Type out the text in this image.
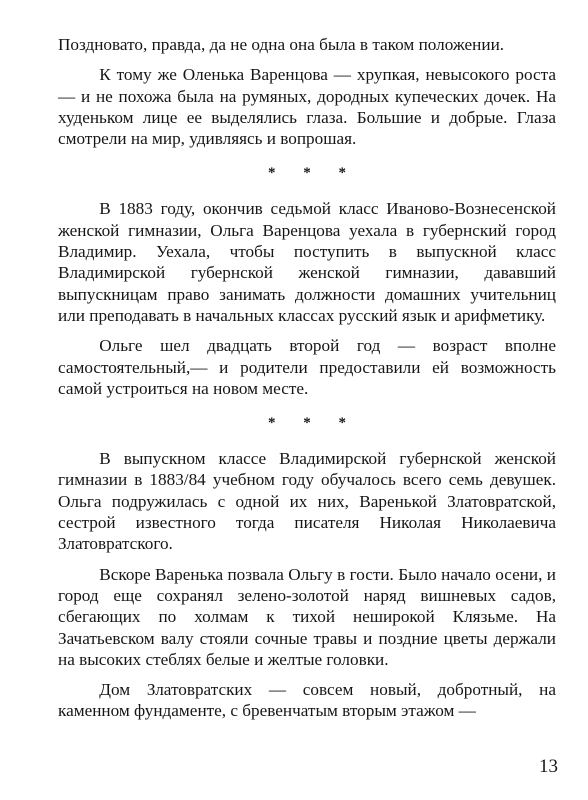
Поздновато, правда, да не одна она была в таком положении.

К тому же Оленька Варенцова — хрупкая, невысокого роста — и не похожа была на румяных, дородных купеческих дочек. На худеньком лице ее выделялись глаза. Большие и добрые. Глаза смотрели на мир, удивляясь и вопрошая.

* * *

В 1883 году, окончив седьмой класс Иваново-Вознесенской женской гимназии, Ольга Варенцова уехала в губернский город Владимир. Уехала, чтобы поступить в выпускной класс Владимирской губернской женской гимназии, дававший выпускницам право занимать должности домашних учительниц или преподавать в начальных классах русский язык и арифметику.

Ольге шел двадцать второй год — возраст вполне самостоятельный,— и родители предоставили ей возможность самой устроиться на новом месте.

* * *

В выпускном классе Владимирской губернской женской гимназии в 1883/84 учебном году обучалось всего семь девушек. Ольга подружилась с одной их них, Варенькой Златовратской, сестрой известного тогда писателя Николая Николаевича Златовратского.

Вскоре Варенька позвала Ольгу в гости. Было начало осени, и город еще сохранял зелено-золотой наряд вишневых садов, сбегающих по холмам к тихой неширокой Клязьме. На Зачатьевском валу стояли сочные травы и поздние цветы держали на высоких стеблях белые и желтые головки.

Дом Златовратских — совсем новый, добротный, на каменном фундаменте, с бревенчатым вторым этажом —

13
